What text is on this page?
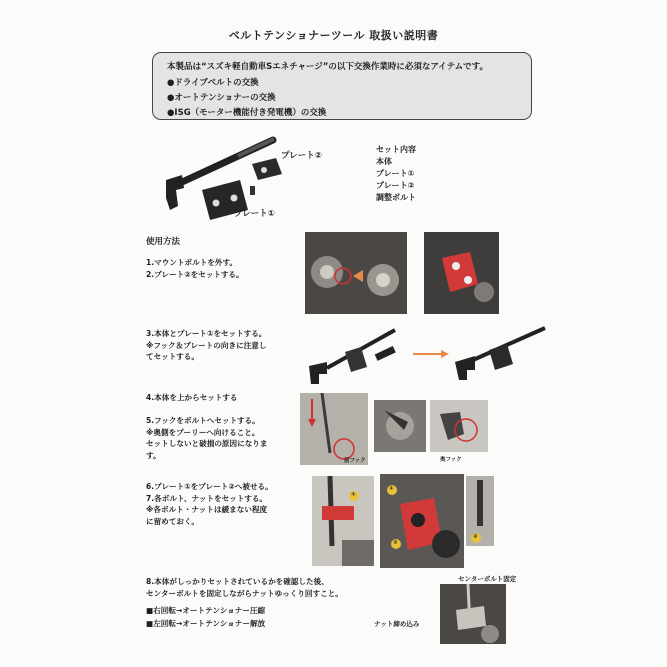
ベルトテンショナーツール 取扱い説明書
本製品は“スズキ軽自動車Sエネチャージ”の以下交換作業時に必須なアイテムです。
●ドライブベルトの交換
●オートテンショナーの交換
●ISG（モーター機能付き発電機）の交換
プレート②
プレート①
セット内容
本体
プレート①
プレート②
調整ボルト
使用方法
1.マウントボルトを外す。
2.プレート②をセットする。
3.本体とプレート①をセットする。
※フック＆プレートの向きに注意し
てセットする。
4.本体を上からセットする
5.フックをボルトへセットする。
※奥側をプーリーへ向けること。
セットしないと破損の原因になりま
す。
前フック	奥フック
6.プレート①をプレート②へ被せる。
7.各ボルト、ナットをセットする。
※各ボルト・ナットは緩まない程度
に留めておく。
①
①
②
②
8.本体がしっかりセットされているかを確認した後、
センターボルトを固定しながらナットゆっくり回すこと。
■右回転→オートテンショナー圧縮
■左回転→オートテンショナー解放
センターボルト固定
ナット締め込み
